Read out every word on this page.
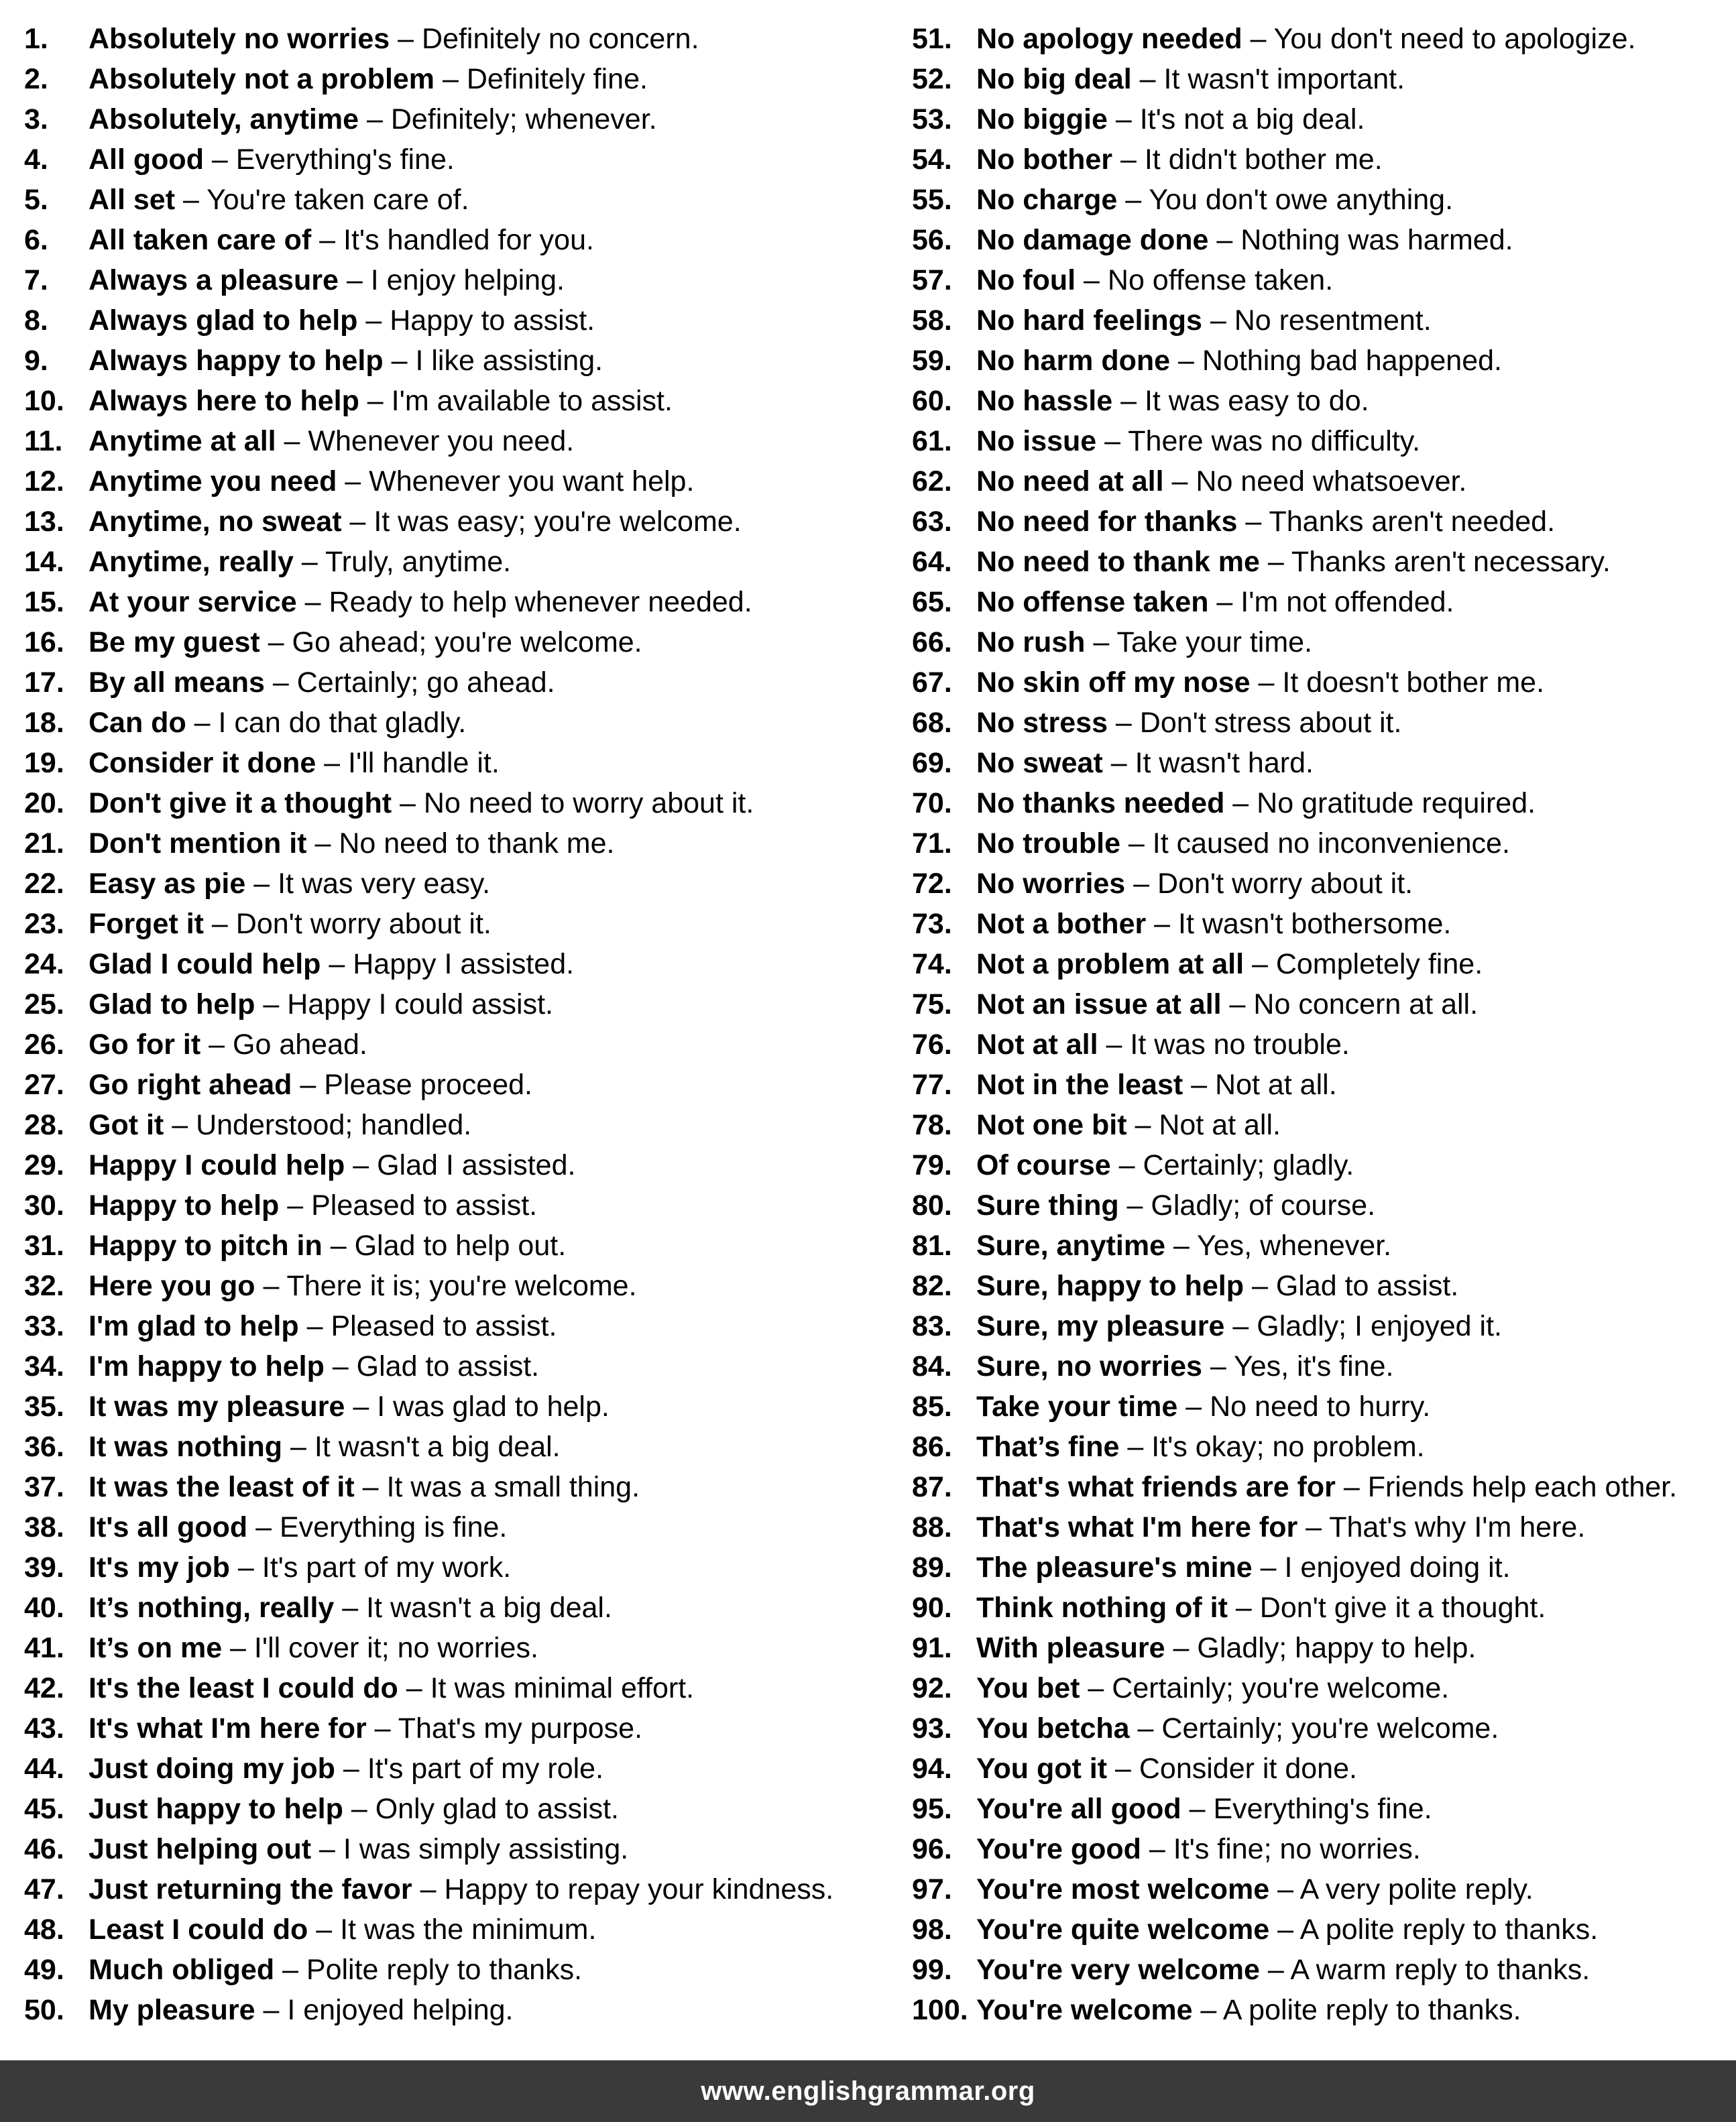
1.	Absolutely no worries – Definitely no concern.
2.	Absolutely not a problem – Definitely fine.
3.	Absolutely, anytime – Definitely; whenever.
4.	All good – Everything's fine.
5.	All set – You're taken care of.
6.	All taken care of – It's handled for you.
7.	Always a pleasure – I enjoy helping.
8.	Always glad to help – Happy to assist.
9.	Always happy to help – I like assisting.
10. Always here to help – I'm available to assist.
11. Anytime at all – Whenever you need.
12. Anytime you need – Whenever you want help.
13. Anytime, no sweat – It was easy; you're welcome.
14. Anytime, really – Truly, anytime.
15. At your service – Ready to help whenever needed.
16. Be my guest – Go ahead; you're welcome.
17. By all means – Certainly; go ahead.
18. Can do – I can do that gladly.
19. Consider it done – I'll handle it.
20. Don't give it a thought – No need to worry about it.
21. Don't mention it – No need to thank me.
22. Easy as pie – It was very easy.
23. Forget it – Don't worry about it.
24. Glad I could help – Happy I assisted.
25. Glad to help – Happy I could assist.
26. Go for it – Go ahead.
27. Go right ahead – Please proceed.
28. Got it – Understood; handled.
29. Happy I could help – Glad I assisted.
30. Happy to help – Pleased to assist.
31. Happy to pitch in – Glad to help out.
32. Here you go – There it is; you're welcome.
33. I'm glad to help – Pleased to assist.
34. I'm happy to help – Glad to assist.
35. It was my pleasure – I was glad to help.
36. It was nothing – It wasn't a big deal.
37. It was the least of it – It was a small thing.
38. It's all good – Everything is fine.
39. It's my job – It's part of my work.
40. It’s nothing, really – It wasn't a big deal.
41. It’s on me – I'll cover it; no worries.
42. It's the least I could do – It was minimal effort.
43. It's what I'm here for – That's my purpose.
44. Just doing my job – It's part of my role.
45. Just happy to help – Only glad to assist.
46. Just helping out – I was simply assisting.
47. Just returning the favor – Happy to repay your kindness.
48. Least I could do – It was the minimum.
49. Much obliged – Polite reply to thanks.
50. My pleasure – I enjoyed helping.
51. No apology needed – You don't need to apologize.
52. No big deal – It wasn't important.
53. No biggie – It's not a big deal.
54. No bother – It didn't bother me.
55. No charge – You don't owe anything.
56. No damage done – Nothing was harmed.
57. No foul – No offense taken.
58. No hard feelings – No resentment.
59. No harm done – Nothing bad happened.
60. No hassle – It was easy to do.
61. No issue – There was no difficulty.
62. No need at all – No need whatsoever.
63. No need for thanks – Thanks aren't needed.
64. No need to thank me – Thanks aren't necessary.
65. No offense taken – I'm not offended.
66. No rush – Take your time.
67. No skin off my nose – It doesn't bother me.
68. No stress – Don't stress about it.
69. No sweat – It wasn't hard.
70. No thanks needed – No gratitude required.
71. No trouble – It caused no inconvenience.
72. No worries – Don't worry about it.
73. Not a bother – It wasn't bothersome.
74. Not a problem at all – Completely fine.
75. Not an issue at all – No concern at all.
76. Not at all – It was no trouble.
77. Not in the least – Not at all.
78. Not one bit – Not at all.
79. Of course – Certainly; gladly.
80. Sure thing – Gladly; of course.
81. Sure, anytime – Yes, whenever.
82. Sure, happy to help – Glad to assist.
83. Sure, my pleasure – Gladly; I enjoyed it.
84. Sure, no worries – Yes, it's fine.
85. Take your time – No need to hurry.
86. That’s fine – It's okay; no problem.
87. That's what friends are for – Friends help each other.
88. That's what I'm here for – That's why I'm here.
89. The pleasure's mine – I enjoyed doing it.
90. Think nothing of it – Don't give it a thought.
91. With pleasure – Gladly; happy to help.
92. You bet – Certainly; you're welcome.
93. You betcha – Certainly; you're welcome.
94. You got it – Consider it done.
95. You're all good – Everything's fine.
96. You're good – It's fine; no worries.
97. You're most welcome – A very polite reply.
98. You're quite welcome – A polite reply to thanks.
99. You're very welcome – A warm reply to thanks.
100. You're welcome – A polite reply to thanks.
www.englishgrammar.org
